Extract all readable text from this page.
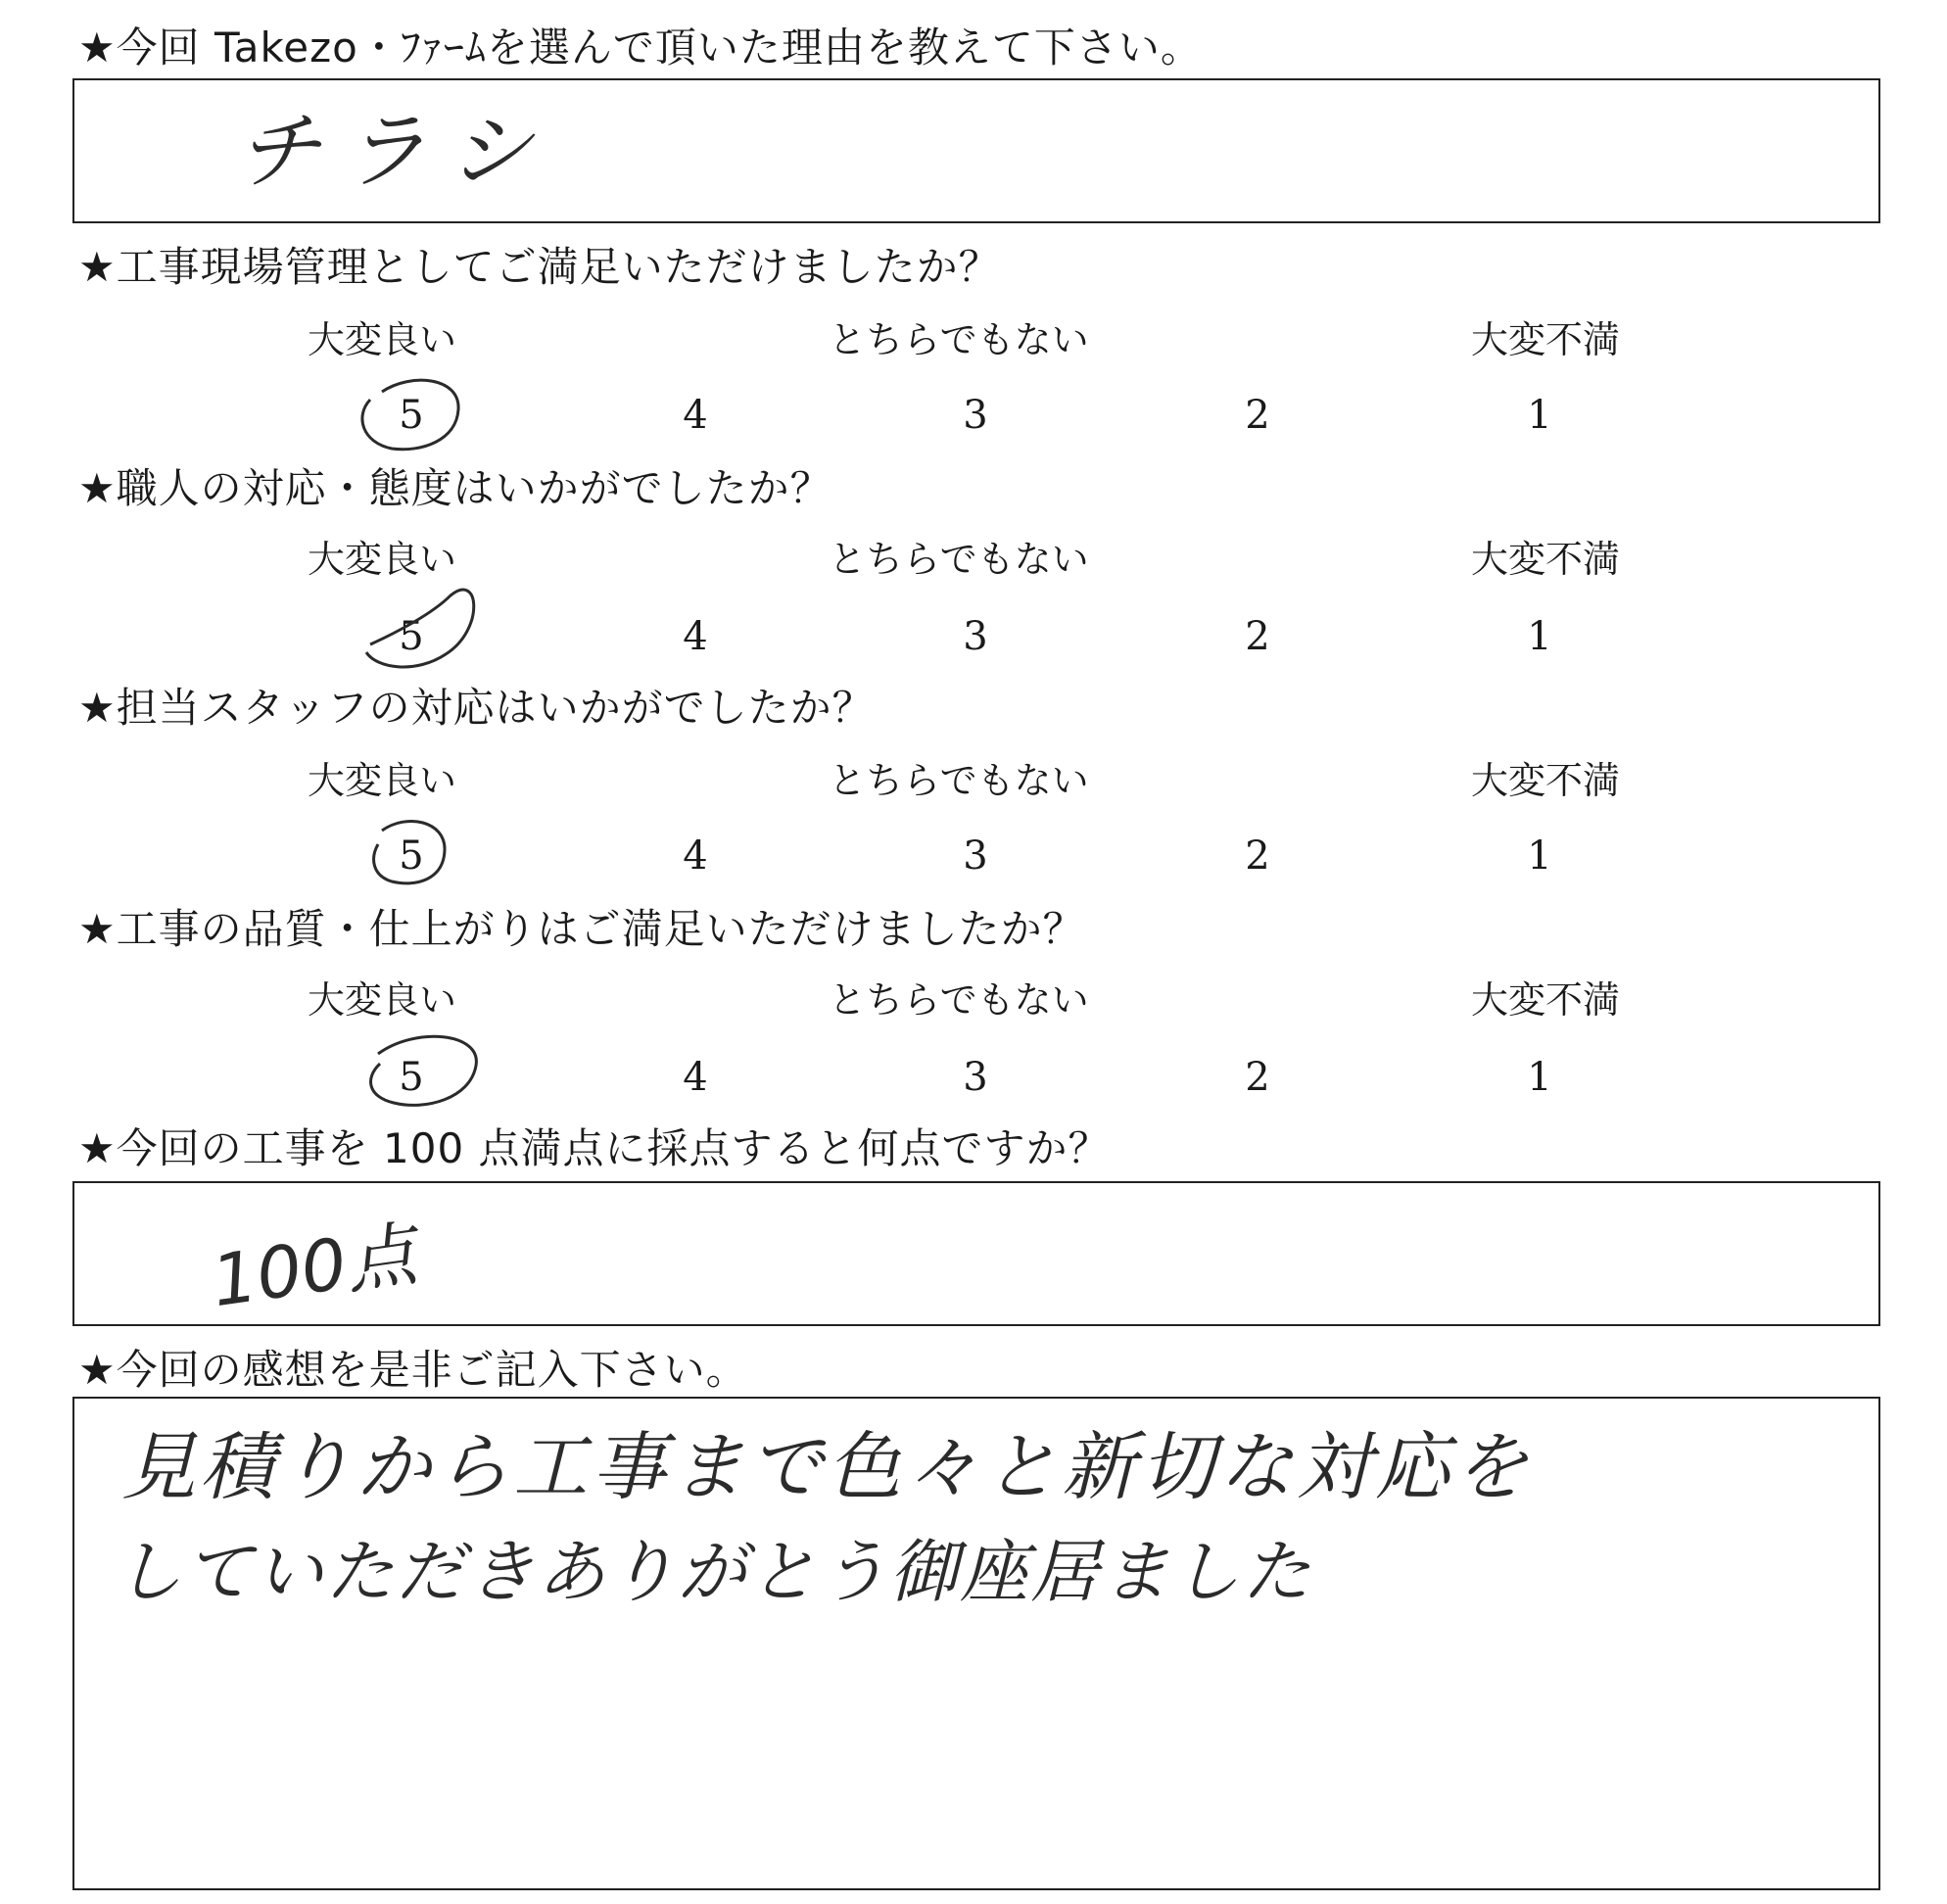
★今回 Takezo・ﾌｧｰﾑを選んで頂いた理由を教えて下さい。
チラシ
★工事現場管理としてご満足いただけましたか？
大変良い	とちらでもない	大変不満
5	4	3	2	1
★職人の対応・態度はいかがでしたか？
大変良い	とちらでもない	大変不満
5	4	3	2	1
★担当スタッフの対応はいかがでしたか？
大変良い	とちらでもない	大変不満
5	4	3	2	1
★工事の品質・仕上がりはご満足いただけましたか？
大変良い	とちらでもない	大変不満
5	4	3	2	1
★今回の工事を 100 点満点に採点すると何点ですか？
100点
★今回の感想を是非ご記入下さい。
見積りから工事まで色々と新切な対応を
していただきありがとう御座居ました
